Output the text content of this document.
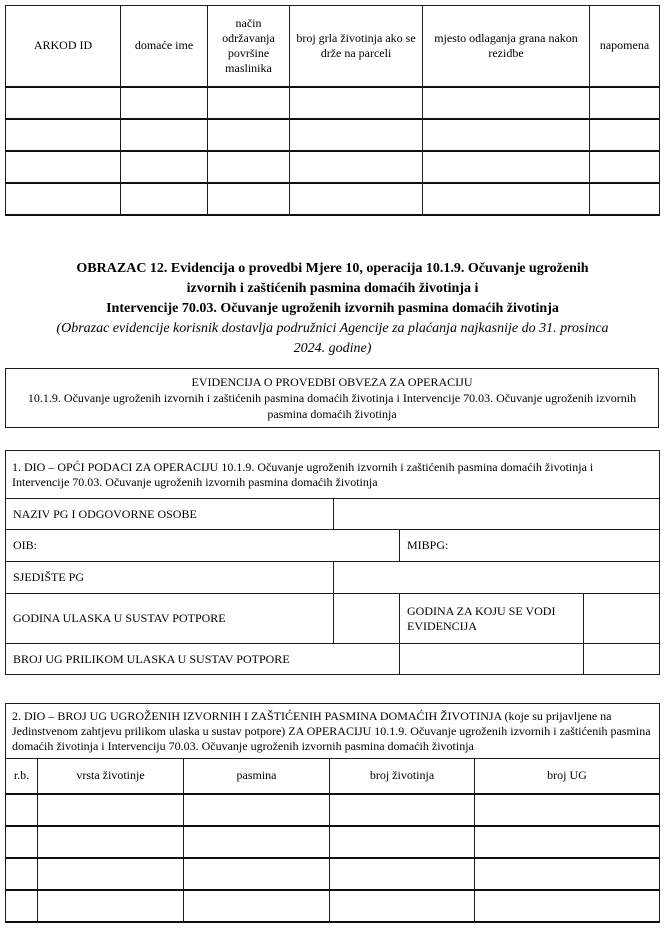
ARKOD ID	domaće ime	način održavanja površine maslinika	broj grla životinja ako se drže na parceli	mjesto odlaganja grana nakon rezidbe	napomena

OBRAZAC 12. Evidencija o provedbi Mjere 10, operacija 10.1.9. Očuvanje ugroženih
izvornih i zaštićenih pasmina domaćih životinja i
Intervencije 70.03. Očuvanje ugroženih izvornih pasmina domaćih životinja
(Obrazac evidencije korisnik dostavlja podružnici Agencije za plaćanja najkasnije do 31. prosinca
2024. godine)
EVIDENCIJA O PROVEDBI OBVEZA ZA OPERACIJU
10.1.9. Očuvanje ugroženih izvornih i zaštićenih pasmina domaćih životinja i Intervencije 70.03. Očuvanje ugroženih izvornih pasmina domaćih životinja
1. DIO – OPĆI PODACI ZA OPERACIJU 10.1.9. Očuvanje ugroženih izvornih i zaštićenih pasmina domaćih životinja i Intervencije 70.03. Očuvanje ugroženih izvornih pasmina domaćih životinja			
NAZIV PG I ODGOVORNE OSOBE			
OIB:		MIBPG:	
SJEDIŠTE PG			
GODINA ULASKA U SUSTAV POTPORE		GODINA ZA KOJU SE VODI EVIDENCIJA	
BROJ UG PRILIKOM ULASKA U SUSTAV POTPORE			
2. DIO – BROJ UG UGROŽENIH IZVORNIH I ZAŠTIĆENIH PASMINA DOMAĆIH ŽIVOTINJA (koje su prijavljene na Jedinstvenom zahtjevu prilikom ulaska u sustav potpore) ZA OPERACIJU 10.1.9. Očuvanje ugroženih izvornih i zaštićenih pasmina domaćih životinja i Intervenciju 70.03. Očuvanje ugroženih izvornih pasmina domaćih životinja				
r.b.	vrsta životinje	pasmina	broj životinja	broj UG
